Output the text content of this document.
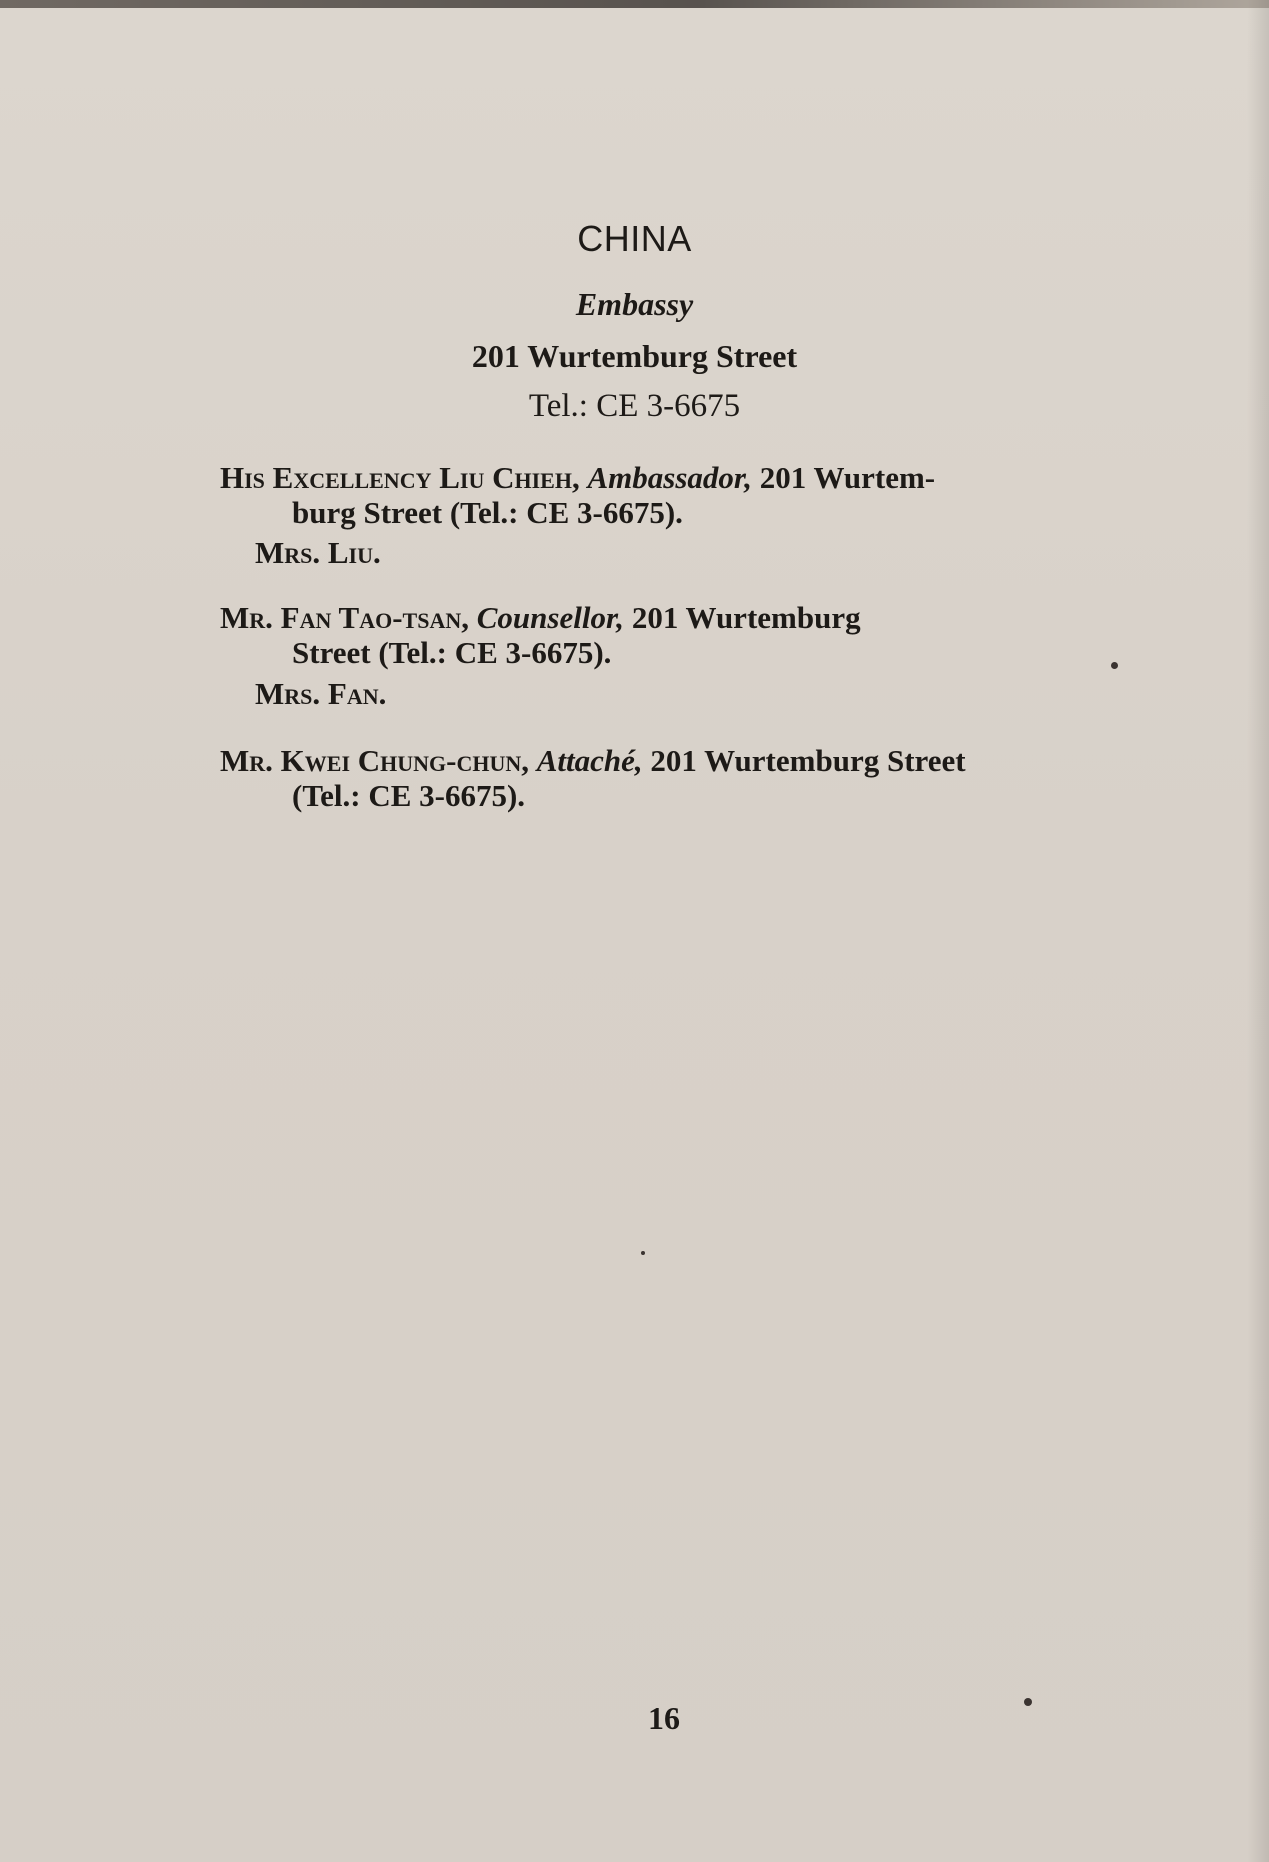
CHINA
Embassy
201 Wurtemburg Street
Tel.: CE 3-6675
His Excellency Liu Chieh, Ambassador, 201 Wurtem-
burg Street (Tel.: CE 3-6675).
Mrs. Liu.
Mr. Fan Tao-tsan, Counsellor, 201 Wurtemburg
Street (Tel.: CE 3-6675).
Mrs. Fan.
Mr. Kwei Chung-chun, Attaché, 201 Wurtemburg Street
(Tel.: CE 3-6675).
16
